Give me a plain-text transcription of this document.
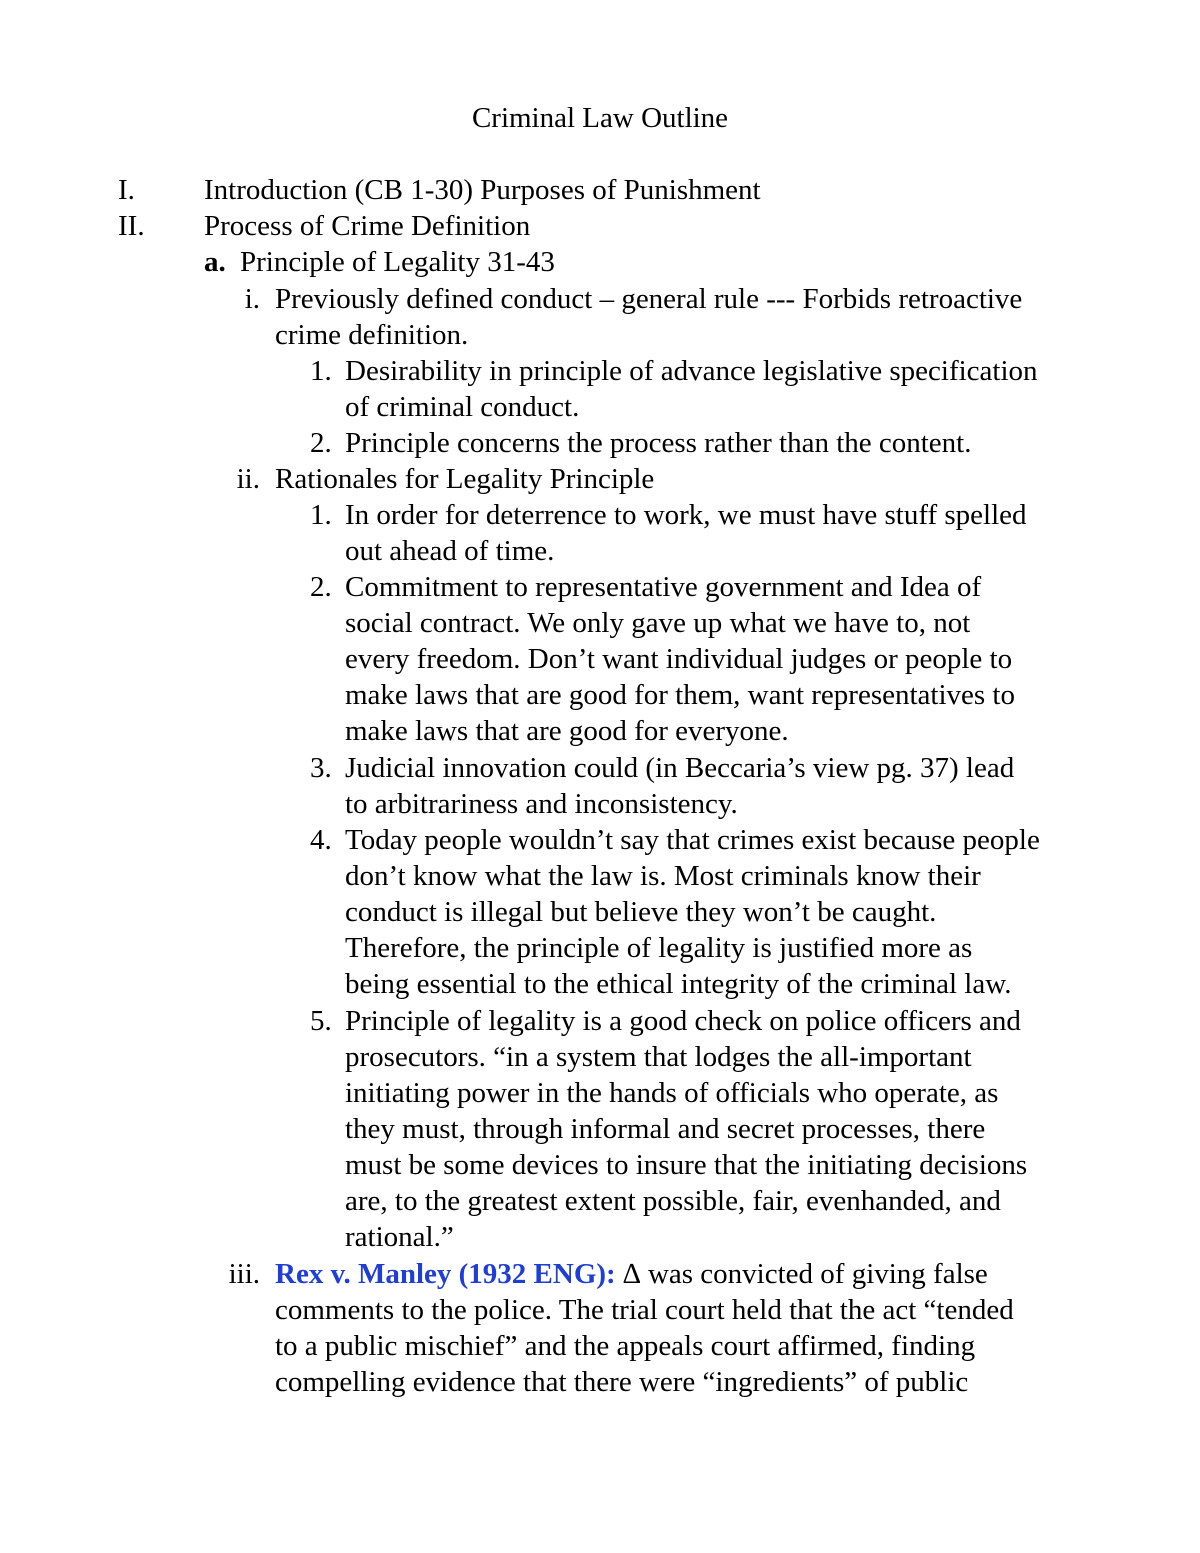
Criminal Law Outline
I. Introduction (CB 1-30) Purposes of Punishment
II. Process of Crime Definition
a. Principle of Legality 31-43
i. Previously defined conduct – general rule --- Forbids retroactive
crime definition.
1. Desirability in principle of advance legislative specification
of criminal conduct.
2. Principle concerns the process rather than the content.
ii. Rationales for Legality Principle
1. In order for deterrence to work, we must have stuff spelled
out ahead of time.
2. Commitment to representative government and Idea of
social contract. We only gave up what we have to, not
every freedom. Don’t want individual judges or people to
make laws that are good for them, want representatives to
make laws that are good for everyone.
3. Judicial innovation could (in Beccaria’s view pg. 37) lead
to arbitrariness and inconsistency.
4. Today people wouldn’t say that crimes exist because people
don’t know what the law is. Most criminals know their
conduct is illegal but believe they won’t be caught.
Therefore, the principle of legality is justified more as
being essential to the ethical integrity of the criminal law.
5. Principle of legality is a good check on police officers and
prosecutors. “in a system that lodges the all-important
initiating power in the hands of officials who operate, as
they must, through informal and secret processes, there
must be some devices to insure that the initiating decisions
are, to the greatest extent possible, fair, evenhanded, and
rational.”
iii. Rex v. Manley (1932 ENG): ∆ was convicted of giving false
comments to the police. The trial court held that the act “tended
to a public mischief” and the appeals court affirmed, finding
compelling evidence that there were “ingredients” of public
